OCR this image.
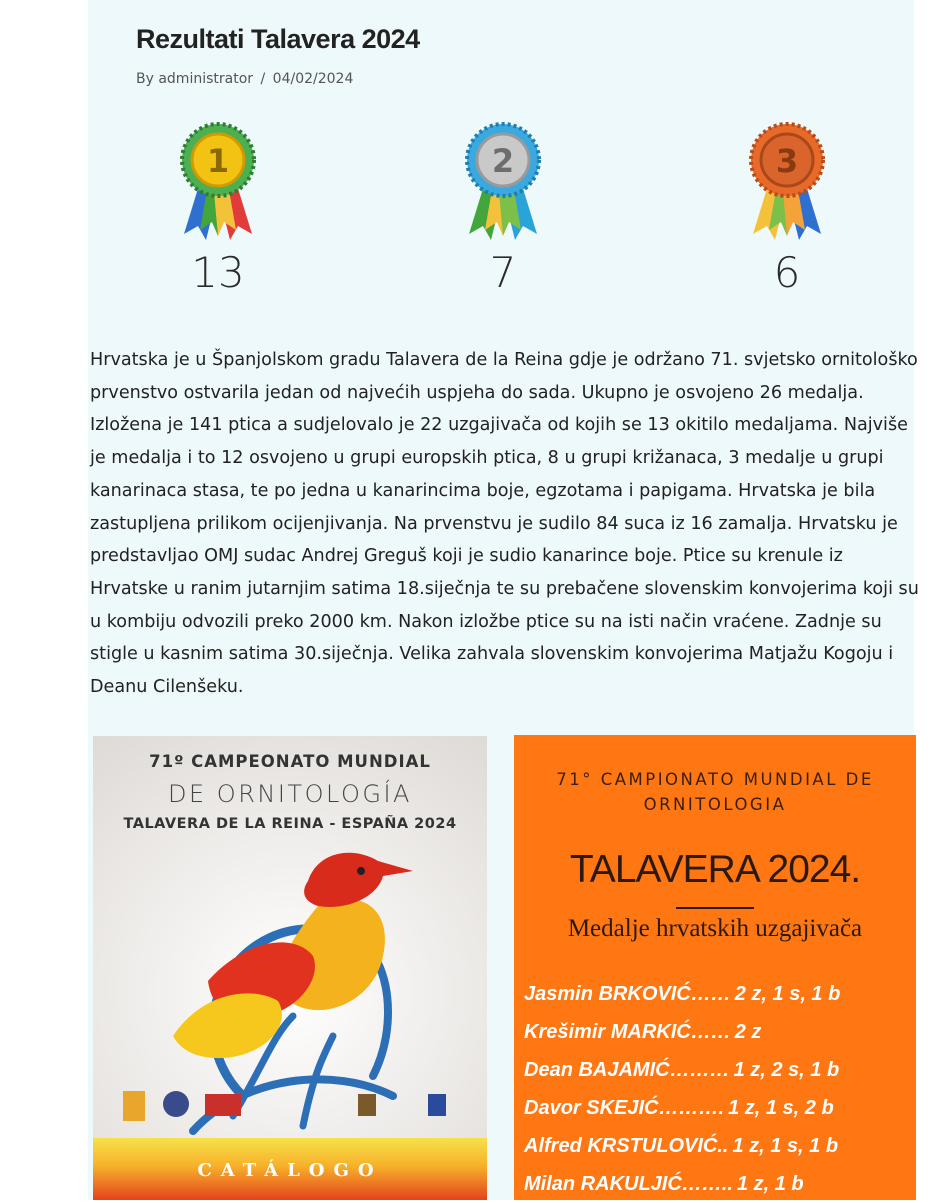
Rezultati Talavera 2024
By administrator / 04/02/2024
1
13
2
7
3
6

Hrvatska je u Španjolskom gradu Talavera de la Reina gdje je održano 71. svjetsko ornitološko prvenstvo ostvarila jedan od najvećih uspjeha do sada. Ukupno je osvojeno 26 medalja. Izložena je 141 ptica a sudjelovalo je 22 uzgajivača od kojih se 13 okitilo medaljama. Najviše je medalja i to 12 osvojeno u grupi europskih ptica, 8 u grupi križanaca, 3 medalje u grupi kanarinaca stasa, te po jedna u kanarincima boje, egzotama i papigama. Hrvatska je bila zastupljena prilikom ocijenjivanja. Na prvenstvu je sudilo 84 suca iz 16 zamalja. Hrvatsku je predstavljao OMJ sudac Andrej Greguš koji je sudio kanarince boje. Ptice su krenule iz Hrvatske u ranim jutarnjim satima 18.siječnja te su prebačene slovenskim konvojerima koji su u kombiju odvozili preko 2000 km. Nakon izložbe ptice su na isti način vraćene. Zadnje su stigle u kasnim satima 30.siječnja. Velika zahvala slovenskim konvojerima Matjažu Kogoju i Deanu Cilenšeku.

71º CAMPEONATO MUNDIAL
DE ORNITOLOGÍA
TALAVERA DE LA REINA - ESPAÑA 2024
CATÁLOGO
71° CAMPIONATO MUNDIAL DE ORNITOLOGIA
TALAVERA 2024.
Medalje hrvatskih uzgajivača
Jasmin BRKOVIĆ…… 2 z, 1 s, 1 b
Krešimir MARKIĆ…… 2 z
Dean BAJAMIĆ……… 1 z, 2 s, 1 b
Davor SKEJIĆ………. 1 z, 1 s, 2 b
Alfred KRSTULOVIĆ.. 1 z, 1 s, 1 b
Milan RAKULJIĆ…….. 1 z, 1 b
